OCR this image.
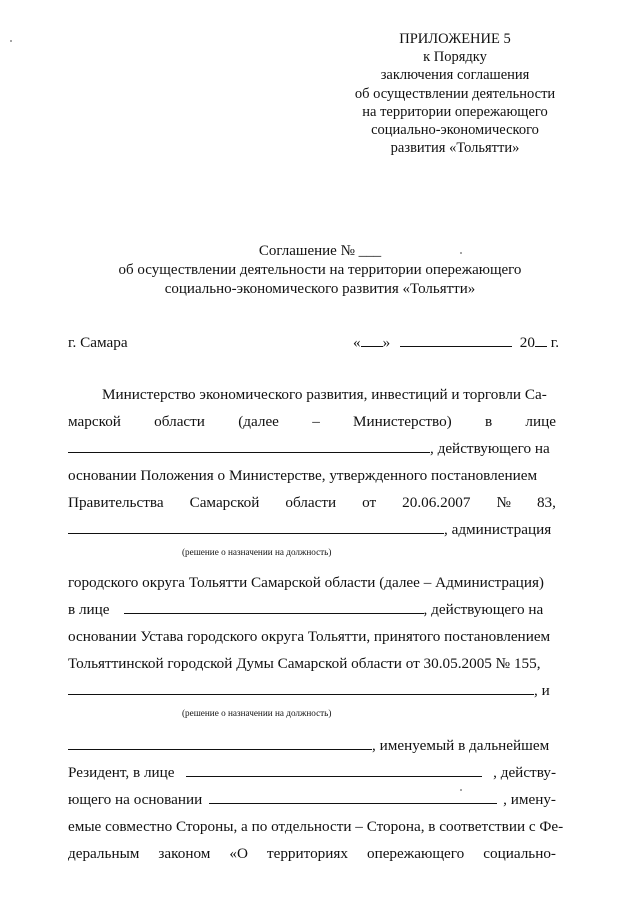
ПРИЛОЖЕНИЕ 5
к Порядку
заключения соглашения
об осуществлении деятельности
на территории опережающего
социально-экономического
развития «Тольятти»
Соглашение № ___
об осуществлении деятельности на территории опережающего
социально-экономического развития «Тольятти»
г. Самара	« »	20 г.
Министерство экономического развития, инвестиций и торговли Са-
марской области (далее – Министерство) в лице
, действующего на
основании Положения о Министерстве, утвержденного постановлением
Правительства Самарской области от 20.06.2007 № 83,
, администрация
(решение о назначении на должность)
городского округа Тольятти Самарской области (далее – Администрация)
в лице	, действующего на
основании Устава городского округа Тольятти, принятого постановлением
Тольяттинской городской Думы Самарской области от 30.05.2005 № 155,
, и
(решение о назначении на должность)
, именуемый в дальнейшем
Резидент, в лице	, действу-
ющего на основании	, имену-
емые совместно Стороны, а по отдельности – Сторона, в соответствии с Фе-
деральным законом «О территориях опережающего социально-
